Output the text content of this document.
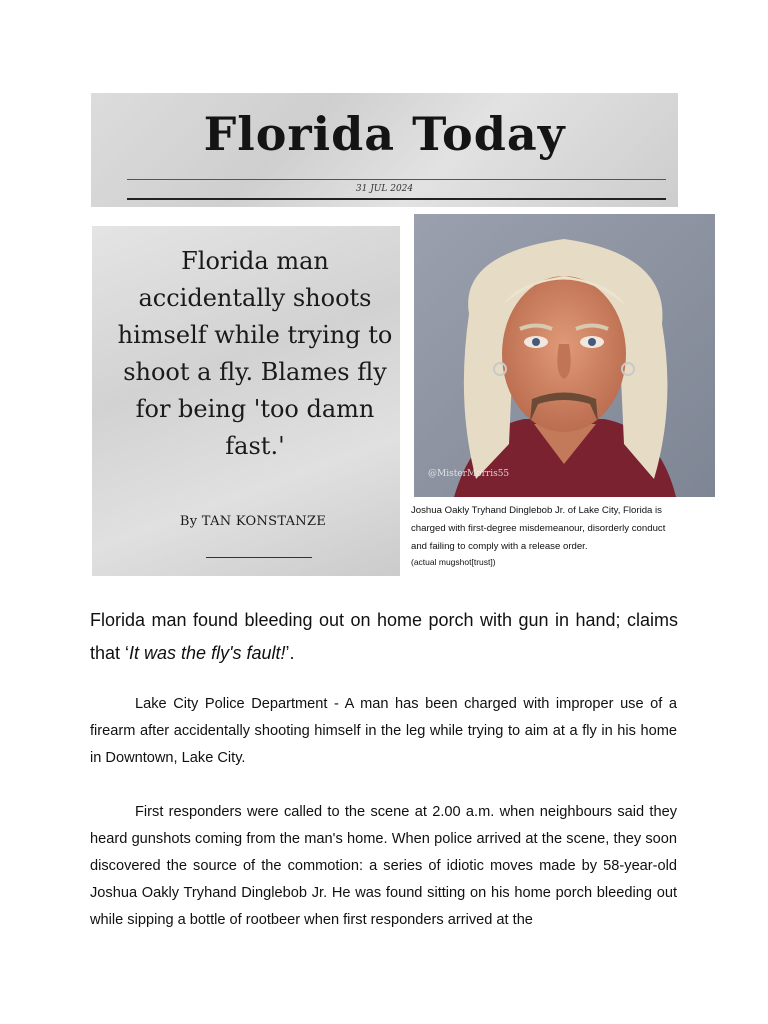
Florida Today
31 JUL 2024
Florida man accidentally shoots himself while trying to shoot a fly. Blames fly for being 'too damn fast.'
By TAN KONSTANZE
@MisterMorris55
Joshua Oakly Tryhand Dinglebob Jr. of Lake City, Florida is charged with first-degree misdemeanour, disorderly conduct and failing to comply with a release order.
(actual mugshot[trust])
Florida man found bleeding out on home porch with gun in hand; claims that ‘It was the fly's fault!’.

Lake City Police Department - A man has been charged with improper use of a firearm after accidentally shooting himself in the leg while trying to aim at a fly in his home in Downtown, Lake City.

First responders were called to the scene at 2.00 a.m. when neighbours said they heard gunshots coming from the man's home. When police arrived at the scene, they soon discovered the source of the commotion: a series of idiotic moves made by 58-year-old Joshua Oakly Tryhand Dinglebob Jr. He was found sitting on his home porch bleeding out while sipping a bottle of rootbeer when first responders arrived at the
